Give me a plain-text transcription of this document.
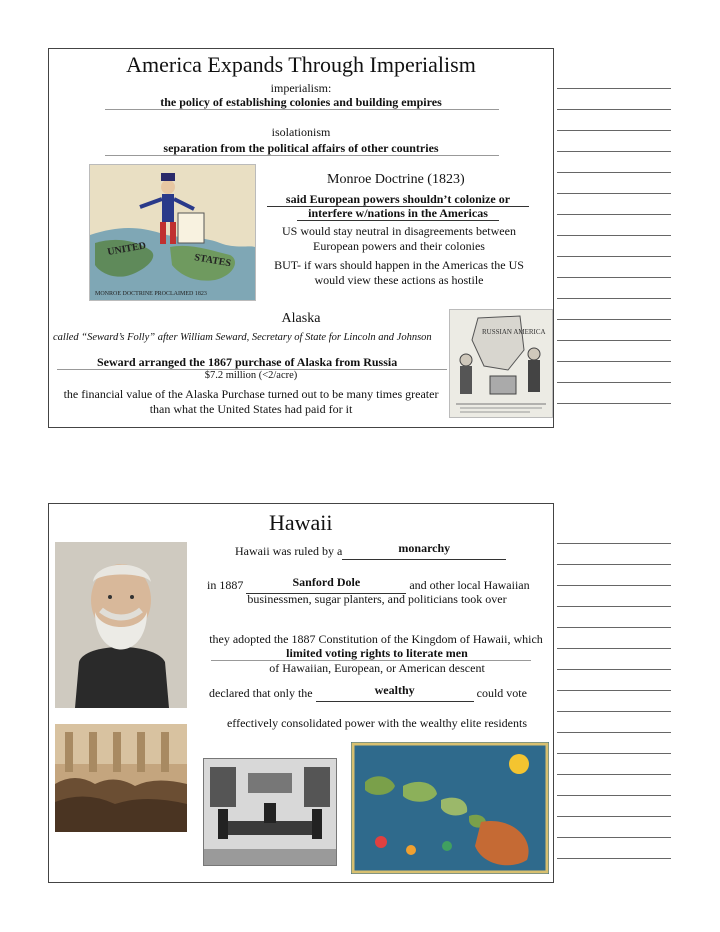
America Expands Through Imperialism
imperialism:
the policy of establishing colonies and building empires
isolationism
separation from the political affairs of other countries
UNITED
STATES
MONROE DOCTRINE PROCLAIMED 1823
Monroe Doctrine (1823)
said European powers shouldn’t colonize or
interfere w/nations in the Americas
US would stay neutral in disagreements between European powers and their colonies
BUT- if wars should happen in the Americas the US would view these actions as hostile
Alaska
called “Seward’s Folly” after William Seward, Secretary of State for Lincoln and Johnson
Seward arranged the 1867 purchase of Alaska from Russia
$7.2 million (<2/acre)
the financial value of the Alaska Purchase turned out to be many times greater than what the United States had paid for it
RUSSIAN AMERICA
Hawaii
Hawaii was ruled by a	monarchy
in 1887	Sanford Dole	and other local Hawaiian
businessmen, sugar planters, and politicians took over
they adopted the 1887 Constitution of the Kingdom of Hawaii, which
limited voting rights to literate men
of Hawaiian, European, or American descent
declared that only the	wealthy	could vote
effectively consolidated power with the wealthy elite residents
